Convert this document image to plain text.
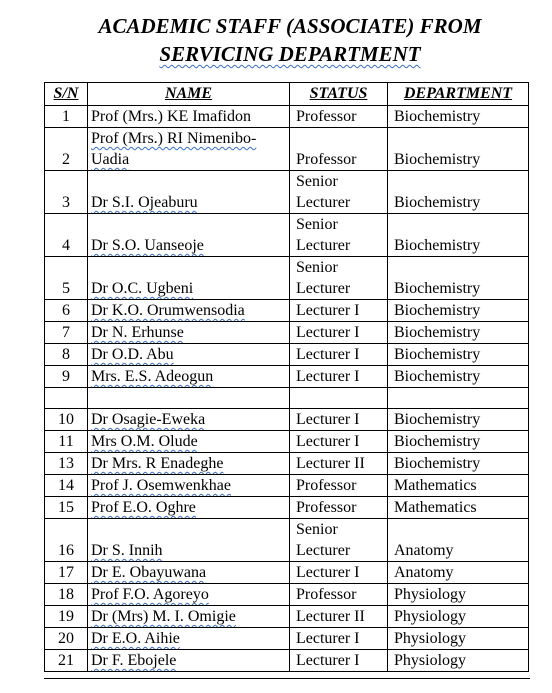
ACADEMIC STAFF (ASSOCIATE) FROM
SERVICING DEPARTMENT
S/N	NAME	STATUS	DEPARTMENT
1	Prof (Mrs.) KE Imafidon	Professor	Biochemistry
2	Prof (Mrs.) RI Nimenibo-Uadia	Professor	Biochemistry
3	Dr S.I. Ojeaburu	Senior Lecturer	Biochemistry
4	Dr S.O. Uanseoje	Senior Lecturer	Biochemistry
5	Dr O.C. Ugbeni	Senior Lecturer	Biochemistry
6	Dr K.O. Orumwensodia	Lecturer I	Biochemistry
7	Dr N. Erhunse	Lecturer I	Biochemistry
8	Dr O.D. Abu	Lecturer I	Biochemistry
9	Mrs. E.S. Adeogun	Lecturer I	Biochemistry

10	Dr Osagie-Eweka	Lecturer I	Biochemistry
11	Mrs O.M. Olude	Lecturer I	Biochemistry
13	Dr Mrs. R Enadeghe	Lecturer II	Biochemistry
14	Prof J. Osemwenkhae	Professor	Mathematics
15	Prof E.O. Oghre	Professor	Mathematics
16	Dr S. Innih	Senior Lecturer	Anatomy
17	Dr E. Obayuwana	Lecturer I	Anatomy
18	Prof F.O. Agoreyo	Professor	Physiology
19	Dr (Mrs) M. I. Omigie	Lecturer II	Physiology
20	Dr E.O. Aihie	Lecturer I	Physiology
21	Dr F. Ebojele	Lecturer I	Physiology
